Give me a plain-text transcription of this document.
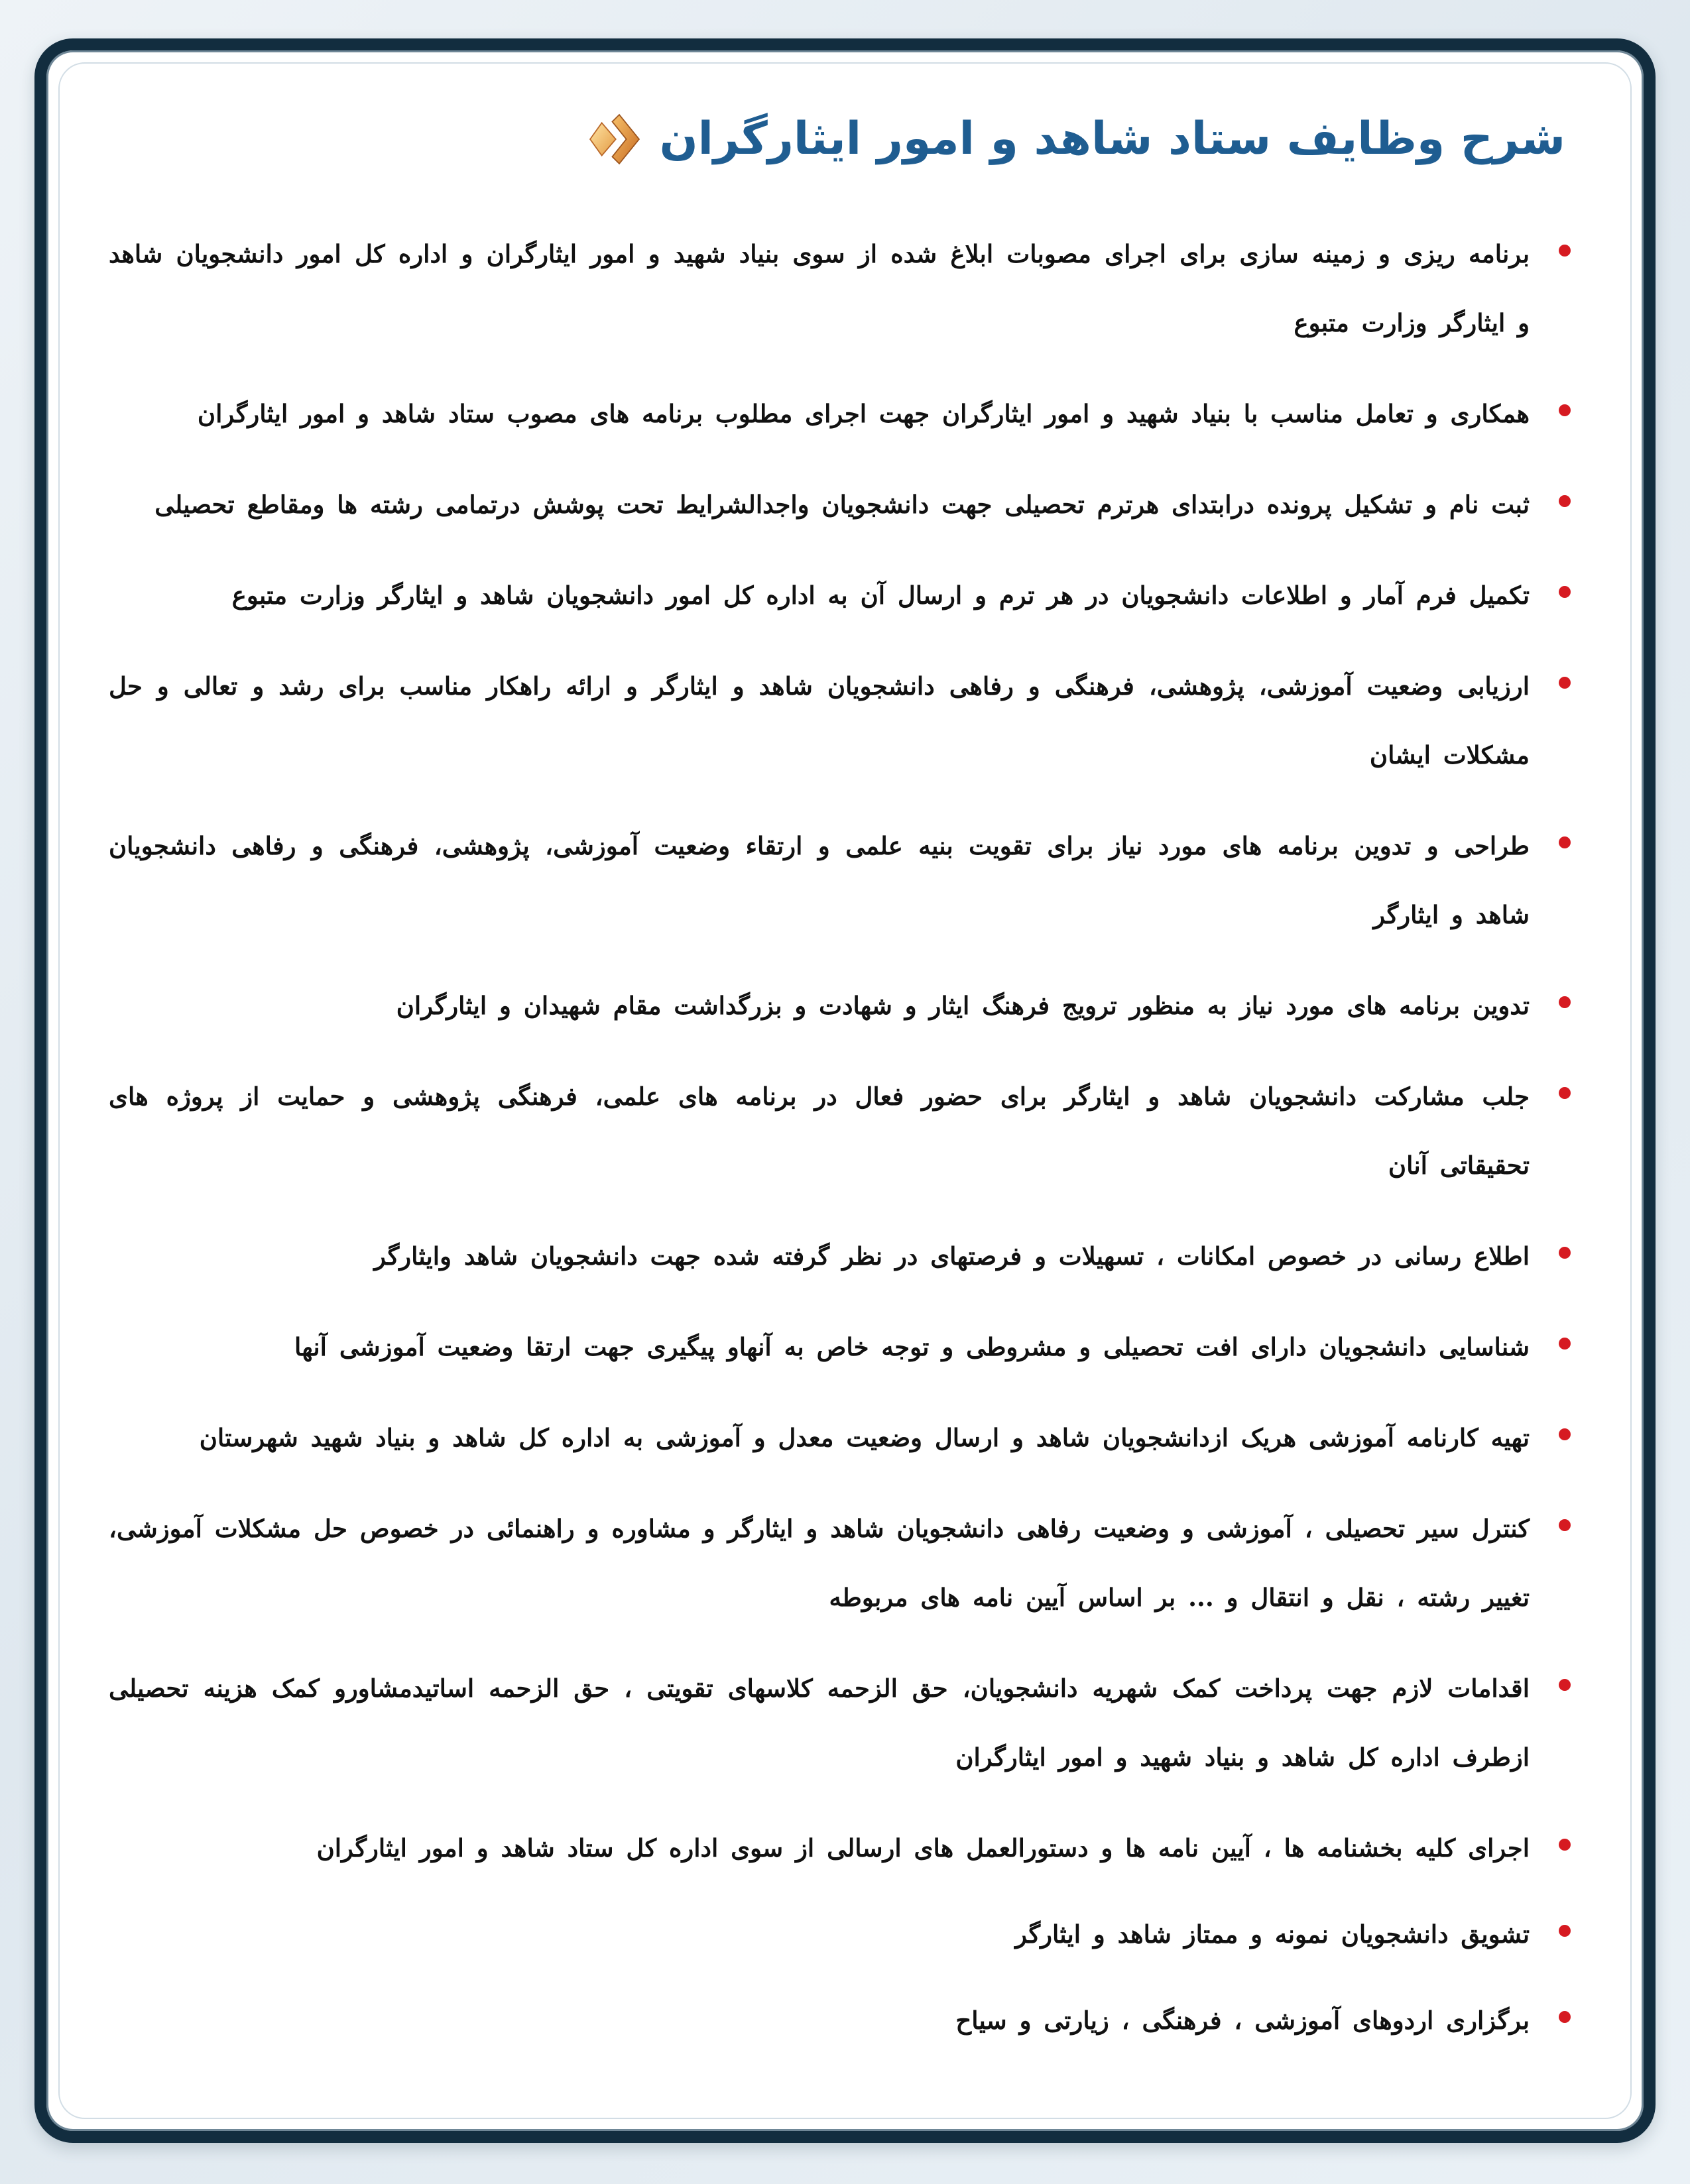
شرح وظایف ستاد شاهد و امور ایثارگران
برنامه ریزی و زمینه سازی برای اجرای مصوبات ابلاغ شده از سوی بنیاد شهید و امور ایثارگران و اداره کل امور دانشجویان شاهد و ایثارگر وزارت متبوع
همکاری و تعامل مناسب با بنیاد شهید و امور ایثارگران جهت اجرای مطلوب برنامه های مصوب ستاد شاهد و امور ایثارگران
ثبت نام و تشکیل پرونده درابتدای هرترم تحصیلی جهت دانشجویان واجدالشرایط تحت پوشش درتمامی رشته ها ومقاطع تحصیلی
تکمیل فرم آمار و اطلاعات دانشجویان در هر ترم و ارسال آن به اداره کل امور دانشجویان شاهد و ایثارگر وزارت متبوع
ارزیابی وضعیت آموزشی، پژوهشی، فرهنگی و رفاهی دانشجویان شاهد و ایثارگر و ارائه راهکار مناسب برای رشد و تعالی و حل مشکلات ایشان
طراحی و تدوین برنامه های مورد نیاز برای تقویت بنیه علمی و ارتقاء وضعیت آموزشی، پژوهشی، فرهنگی و رفاهی دانشجویان شاهد و ایثارگر
تدوین برنامه های مورد نیاز به منظور ترویج فرهنگ ایثار و شهادت و بزرگداشت مقام شهیدان و ایثارگران
جلب مشارکت دانشجویان شاهد و ایثارگر برای حضور فعال در برنامه های علمی، فرهنگی پژوهشی و حمایت از پروژه های تحقیقاتی آنان
اطلاع رسانی در خصوص امکانات ، تسهیلات و فرصتهای در نظر گرفته شده جهت دانشجویان شاهد وایثارگر
شناسایی دانشجویان دارای افت تحصیلی و مشروطی و توجه خاص به آنهاو پیگیری جهت ارتقا وضعیت آموزشی آنها
تهیه کارنامه آموزشی هریک ازدانشجویان شاهد و ارسال وضعیت معدل و آموزشی به اداره کل شاهد و بنیاد شهید شهرستان
کنترل سیر تحصیلی ، آموزشی و وضعیت رفاهی دانشجویان شاهد و ایثارگر و مشاوره و راهنمائی در خصوص حل مشکلات آموزشی، تغییر رشته ، نقل و انتقال و ... بر اساس آیین نامه های مربوطه
اقدامات لازم جهت پرداخت کمک شهریه دانشجویان، حق الزحمه کلاسهای تقویتی ، حق الزحمه اساتیدمشاورو کمک هزینه تحصیلی ازطرف اداره کل شاهد و بنیاد شهید و امور ایثارگران
اجرای کلیه بخشنامه ها ، آیین نامه ها و دستورالعمل های ارسالی از سوی اداره کل ستاد شاهد و امور ایثارگران
تشویق دانشجویان نمونه و ممتاز شاهد و ایثارگر
برگزاری اردوهای آموزشی ، فرهنگی ، زیارتی و سیاح
